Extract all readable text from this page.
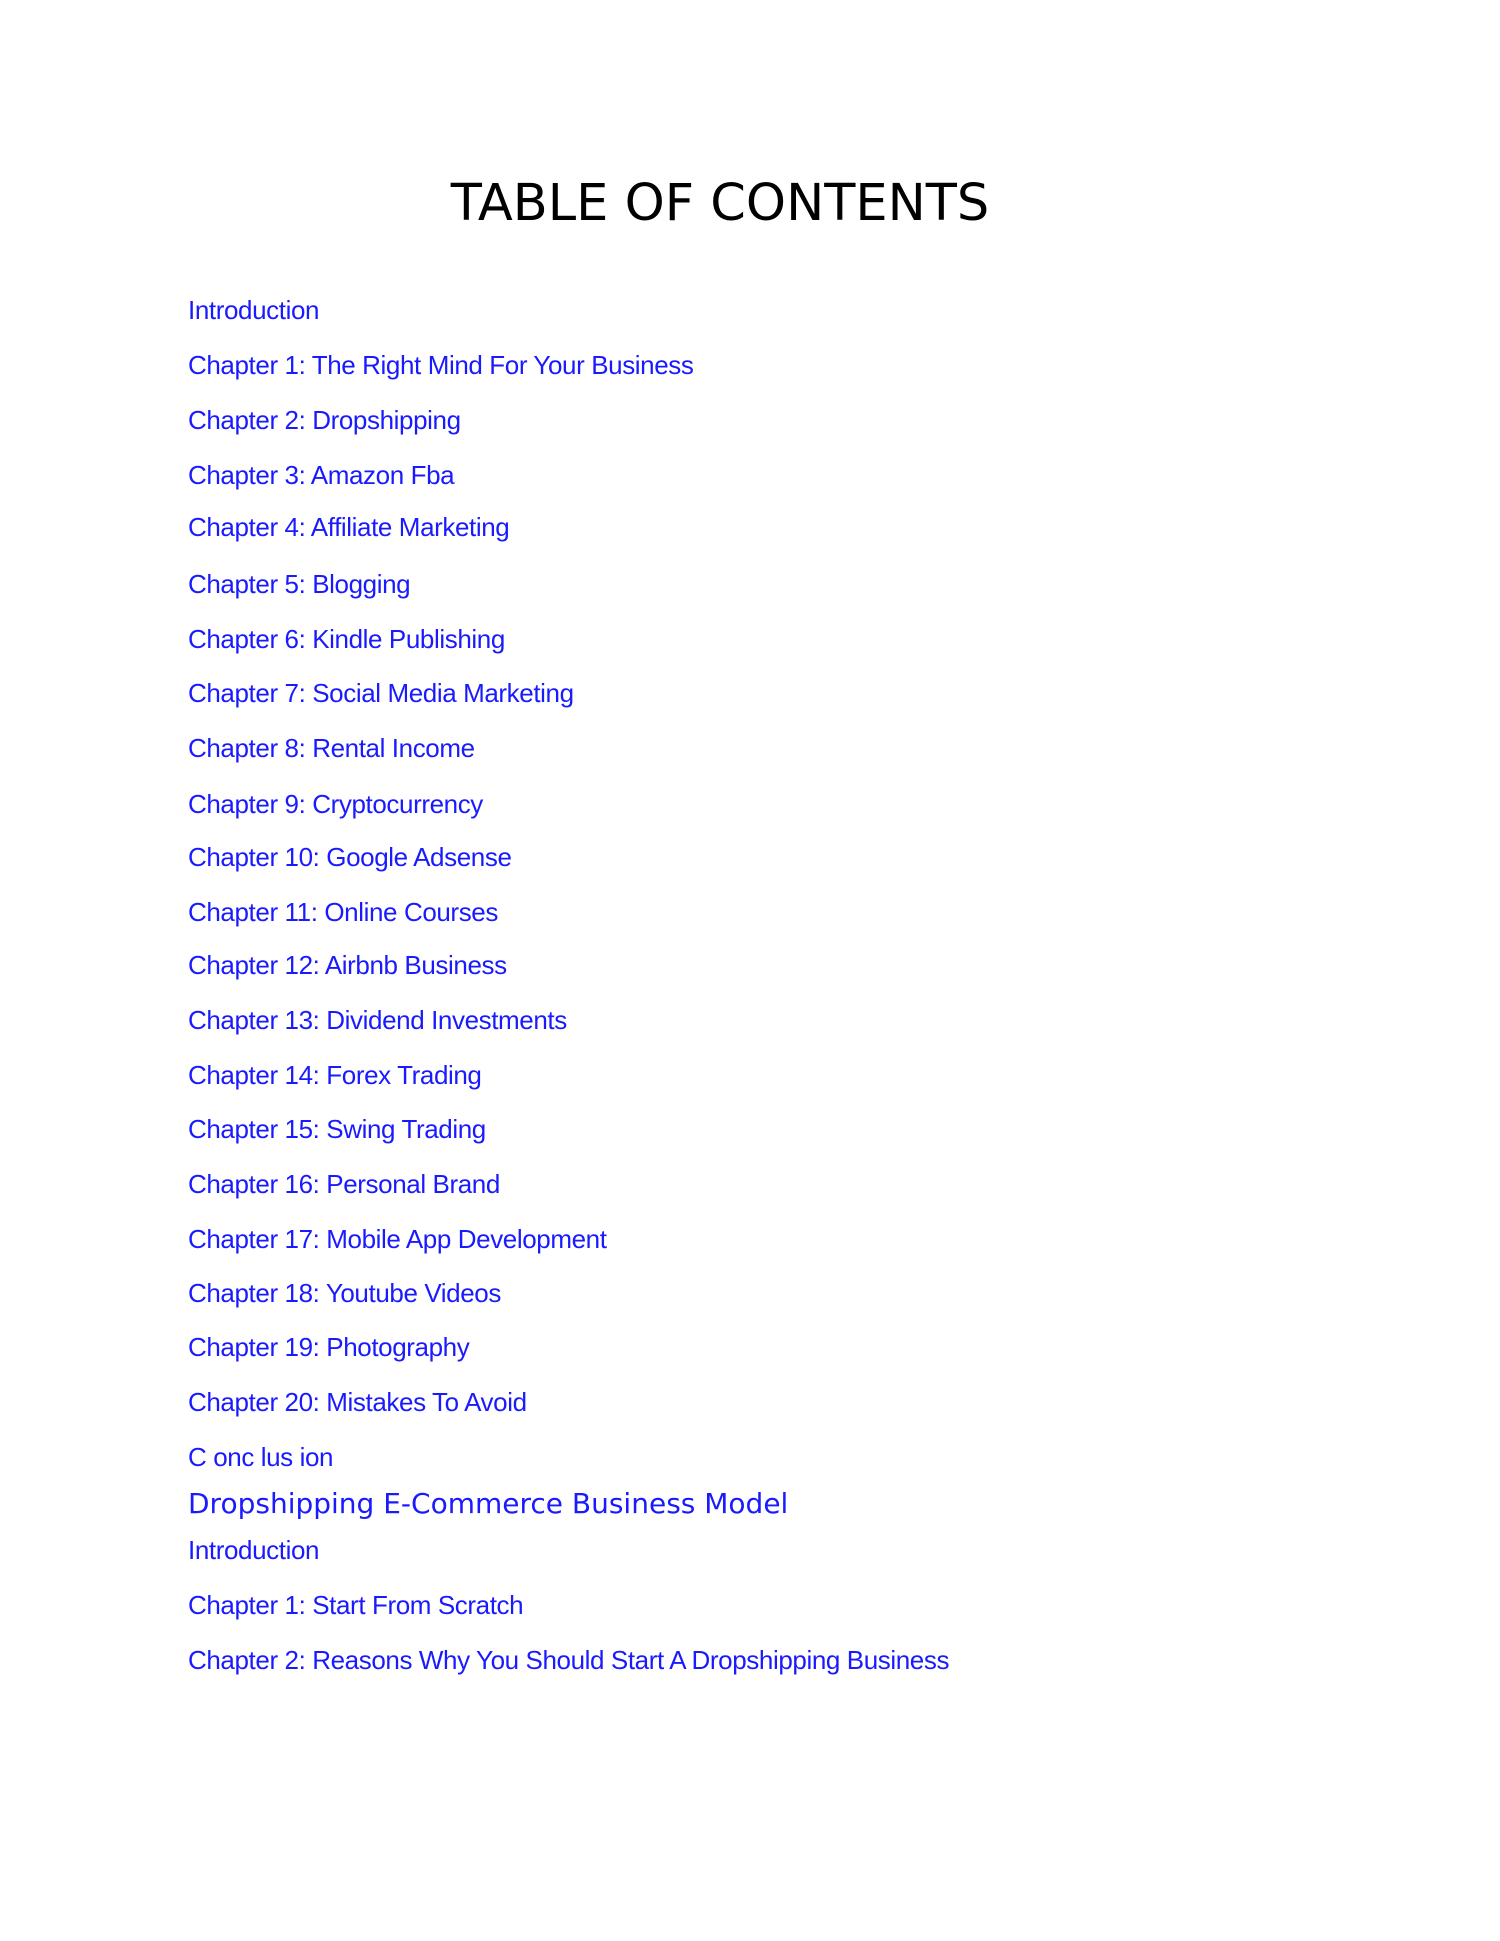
TABLE OF CONTENTS
Introduction
Chapter 1: The Right Mind For Your Business
Chapter 2: Dropshipping
Chapter 3: Amazon Fba
Chapter 4: Affiliate Marketing
Chapter 5: Blogging
Chapter 6: Kindle Publishing
Chapter 7: Social Media Marketing
Chapter 8: Rental Income
Chapter 9: Cryptocurrency
Chapter 10: Google Adsense
Chapter 11: Online Courses
Chapter 12: Airbnb Business
Chapter 13: Dividend Investments
Chapter 14: Forex Trading
Chapter 15: Swing Trading
Chapter 16: Personal Brand
Chapter 17: Mobile App Development
Chapter 18: Youtube Videos
Chapter 19: Photography
Chapter 20: Mistakes To Avoid
C onc lus ion
Dropshipping E-Commerce Business Model
Introduction
Chapter 1: Start From Scratch
Chapter 2: Reasons Why You Should Start A Dropshipping Business
